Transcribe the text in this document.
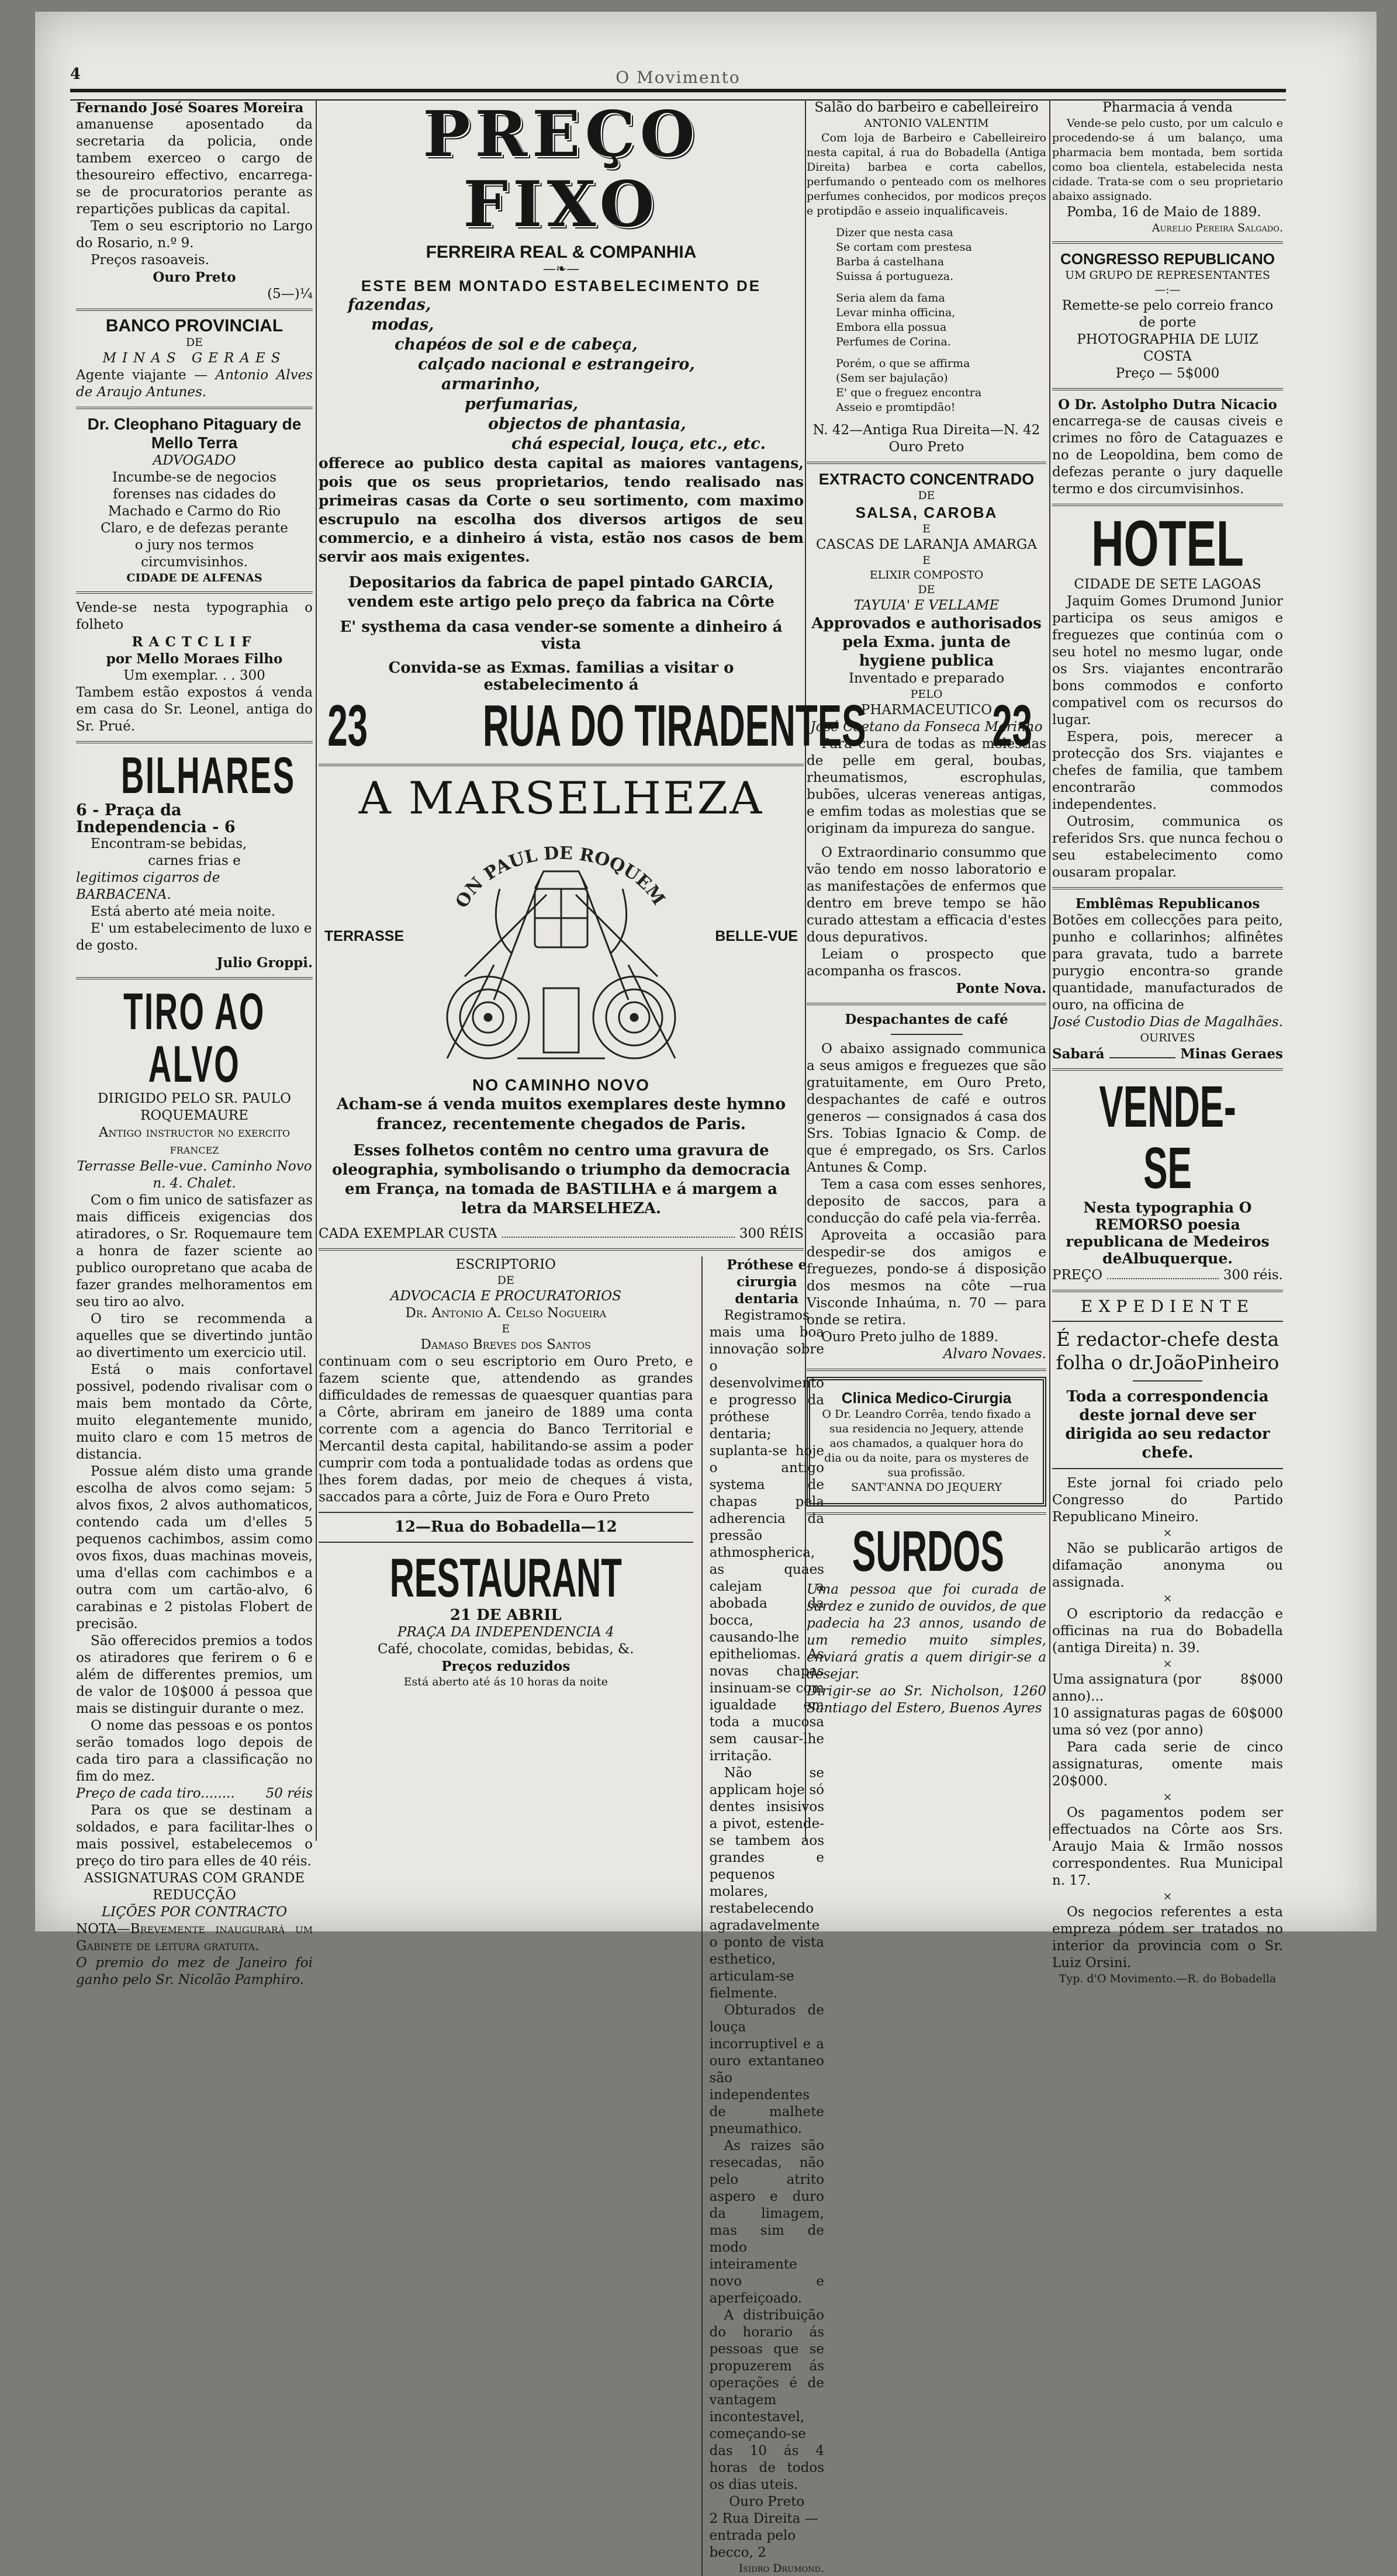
4	O Movimento

Fernando José Soares Moreira

amanuense aposentado da secretaria da policia, onde tambem exerceo o cargo de thesoureiro effectivo, encarrega-se de procuratorios perante as repartições publicas da capital.

Tem o seu escriptorio no Largo do Rosario, n.º 9.

Preços rasoaveis.

Ouro Preto

(5—)¼

BANCO PROVINCIAL

DE

MINAS GERAES

Agente viajante — Antonio Alves de Araujo Antunes.

Dr. Cleophano Pitaguary de Mello Terra

ADVOGADO

Incumbe-se de negocios forenses nas cidades do Machado e Carmo do Rio Claro, e de defezas perante o jury nos termos circumvisinhos.

CIDADE DE ALFENAS

Vende-se nesta typographia o folheto

RACTCLIF

por Mello Moraes Filho

Um exemplar. . . 300

Tambem estão expostos á venda em casa do Sr. Leonel, antiga do Sr. Prué.

BILHARES

6 - Praça da Independencia - 6

Encontram-se bebidas,

carnes frias e

legitimos cigarros de BARBACENA.

Está aberto até meia noite.

E' um estabelecimento de luxo e de gosto.

Julio Groppi.

TIRO AO ALVO

DIRIGIDO PELO SR. PAULO ROQUEMAURE

Antigo instructor no exercito francez

Terrasse Belle-vue. Caminho Novo n. 4. Chalet.

Com o fim unico de satisfazer as mais difficeis exigencias dos atiradores, o Sr. Roquemaure tem a honra de fazer sciente ao publico ouropretano que acaba de fazer grandes melhoramentos em seu tiro ao alvo.

O tiro se recommenda a aquelles que se divertindo juntão ao divertimento um exercicio util.

Está o mais confortavel possivel, podendo rivalisar com o mais bem montado da Côrte, muito elegantemente munido, muito claro e com 15 metros de distancia.

Possue além disto uma grande escolha de alvos como sejam: 5 alvos fixos, 2 alvos authomaticos, contendo cada um d'elles 5 pequenos cachimbos, assim como ovos fixos, duas machinas moveis, uma d'ellas com cachimbos e a outra com um cartão-alvo, 6 carabinas e 2 pistolas Flobert de precisão.

São offerecidos premios a todos os atiradores que ferirem o 6 e além de differentes premios, um de valor de 10$000 á pessoa que mais se distinguir durante o mez.

O nome das pessoas e os pontos serão tomados logo depois de cada tiro para a classificação no fim do mez.

Preço de cada tiro........ 50 réis

Para os que se destinam a soldados, e para facilitar-lhes o mais possivel, estabelecemos o preço do tiro para elles de 40 réis.

ASSIGNATURAS COM GRANDE REDUCÇÃO

LIÇÕES POR CONTRACTO

NOTA—Brevemente inaugurará um Gabinete de leitura gratuita.

O premio do mez de Janeiro foi ganho pelo Sr. Nicolão Pamphiro.

PREÇO FIXO
FERREIRA REAL & COMPANHIA
—❧—
ESTE BEM MONTADO ESTABELECIMENTO DE

fazendas,

modas,

chapéos de sol e de cabeça,

calçado nacional e estrangeiro,

armarinho,

perfumarias,

objectos de phantasia,

chá especial, louça, etc., etc.

offerece ao publico desta capital as maiores vantagens, pois que os seus proprietarios, tendo realisado nas primeiras casas da Corte o seu sortimento, com maximo escrupulo na escolha dos diversos artigos de seu commercio, e a dinheiro á vista, estão nos casos de bem servir aos mais exigentes.

Depositarios da fabrica de papel pintado GARCIA, vendem este artigo pelo preço da fabrica na Côrte

E' systhema da casa vender-se somente a dinheiro á vista

Convida-se as Exmas. familias a visitar o estabelecimento á

23 RUA DO TIRADENTES 23
A MARSELHEZA
ON PAUL DE ROQUEM
TERRASSE	BELLE-VUE
NO CAMINHO NOVO

Acham-se á venda muitos exemplares deste hymno francez, recentemente chegados de Paris.

Esses folhetos contêm no centro uma gravura de oleographia, symbolisando o triumpho da democracia em França, na tomada de BASTILHA e á margem a letra da MARSELHEZA.

CADA EXEMPLAR CUSTA	300 RÉIS

ESCRIPTORIO

DE

ADVOCACIA E PROCURATORIOS

Dr. Antonio A. Celso Nogueira

E

Damaso Breves dos Santos

continuam com o seu escriptorio em Ouro Preto, e fazem sciente que, attendendo as grandes difficuldades de remessas de quaesquer quantias para a Côrte, abriram em janeiro de 1889 uma conta corrente com a agencia do Banco Territorial e Mercantil desta capital, habilitando-se assim a poder cumprir com toda a pontualidade todas as ordens que lhes forem dadas, por meio de cheques á vista, saccados para a côrte, Juiz de Fora e Ouro Preto

12—Rua do Bobadella—12

RESTAURANT

21 DE ABRIL

PRAÇA DA INDEPENDENCIA 4

Café, chocolate, comidas, bebidas, &.

Preços reduzidos

Está aberto até ás 10 horas da noite

Próthese e cirurgia dentaria

Registramos mais uma boa innovação sobre o desenvolvimento e progresso da próthese dentaria; suplanta-se hoje o antigo systema de chapas pela adherencia da pressão athmospherica, as quaes calejam a abobada da bocca, causando-lhe epitheliomas. As novas chapas insinuam-se com igualdade em toda a mucosa sem causar-lhe irritação.

Não se applicam hoje só dentes insisivos a pivot, estende-se tambem aos grandes e pequenos molares, restabelecendo agradavelmente o ponto de vista esthetico, articulam-se fielmente.

Obturados de louça incorruptivel e a ouro extantaneo são independentes de malhete pneumathico.

As raizes são resecadas, não pelo atrito aspero e duro da limagem, mas sim de modo inteiramente novo e aperfeiçoado.

A distribuição do horario ás pessoas que se propuzerem ás operações é de vantagem incontestavel, começando-se das 10 ás 4 horas de todos os dias uteis.

Ouro Preto

2 Rua Direita — entrada pelo becco, 2

Isidro Drumond.

Salão do barbeiro e cabelleireiro

ANTONIO VALENTIM

Com loja de Barbeiro e Cabelleireiro nesta capital, á rua do Bobadella (Antiga Direita) barbea e corta cabellos, perfumando o penteado com os melhores perfumes conhecidos, por modicos preços e protipdão e asseio inqualificaveis.

Dizer que nesta casa

Se cortam com prestesa

Barba á castelhana

Suissa á portugueza.

Seria alem da fama

Levar minha officina,

Embora ella possua

Perfumes de Corina.

Porém, o que se affirma

(Sem ser bajulação)

E' que o freguez encontra

Asseio e promtipdão!

N. 42—Antiga Rua Direita—N. 42

Ouro Preto

EXTRACTO CONCENTRADO

DE

SALSA, CAROBA

E

CASCAS DE LARANJA AMARGA

E

ELIXIR COMPOSTO

DE

TAYUIA' E VELLAME

Approvados e authorisados pela Exma. junta de hygiene publica

Inventado e preparado

PELO

PHARMACEUTICO

José Caetano da Fonseca Marinho

Para cura de todas as molestias de pelle em geral, boubas, rheumatismos, escrophulas, bubões, ulceras venereas antigas, e emfim todas as molestias que se originam da impureza do sangue.

O Extraordinario consummo que vão tendo em nosso laboratorio e as manifestações de enfermos que dentro em breve tempo se hão curado attestam a efficacia d'estes dous depurativos.

Leiam o prospecto que acompanha os frascos.

Ponte Nova.

Despachantes de café

O abaixo assignado communica a seus amigos e freguezes que são gratuitamente, em Ouro Preto, despachantes de café e outros generos — consignados á casa dos Srs. Tobias Ignacio & Comp. de que é empregado, os Srs. Carlos Antunes & Comp.

Tem a casa com esses senhores, deposito de saccos, para a conducção do café pela via-ferrêa.

Aproveita a occasião para despedir-se dos amigos e freguezes, pondo-se á disposição dos mesmos na côte —rua Visconde Inhaúma, n. 70 — para onde se retira.

Ouro Preto julho de 1889.

Alvaro Novaes.

Clinica Medico-Cirurgia

O Dr. Leandro Corrêa, tendo fixado a sua residencia no Jequery, attende aos chamados, a qualquer hora do dia ou da noite, para os mysteres de sua profissão.

SANT'ANNA DO JEQUERY

SURDOS

Uma pessoa que foi curada de surdez e zunido de ouvidos, de que padecia ha 23 annos, usando de um remedio muito simples, enviará gratis a quem dirigir-se a desejar.

Dirigir-se ao Sr. Nicholson, 1260 Santiago del Estero, Buenos Ayres

Pharmacia á venda

Vende-se pelo custo, por um calculo e procedendo-se á um balanço, uma pharmacia bem montada, bem sortida como boa clientela, estabelecida nesta cidade. Trata-se com o seu proprietario abaixo assignado.

Pomba, 16 de Maio de 1889.

Aurelio Pereira Salgado.

CONGRESSO REPUBLICANO

UM GRUPO DE REPRESENTANTES

—:—

Remette-se pelo correio franco de porte

PHOTOGRAPHIA DE LUIZ COSTA

Preço — 5$000

O Dr. Astolpho Dutra Nicacio

encarrega-se de causas civeis e crimes no fôro de Cataguazes e no de Leopoldina, bem como de defezas perante o jury daquelle termo e dos circumvisinhos.

HOTEL

CIDADE DE SETE LAGOAS

Jaquim Gomes Drumond Junior participa os seus amigos e freguezes que continúa com o seu hotel no mesmo lugar, onde os Srs. viajantes encontrarão bons commodos e conforto compativel com os recursos do lugar.

Espera, pois, merecer a protecção dos Srs. viajantes e chefes de familia, que tambem encontrarão commodos independentes.

Outrosim, communica os referidos Srs. que nunca fechou o seu estabelecimento como ousaram propalar.

Emblêmas Republicanos

Botões em collecções para peito, punho e collarinhos; alfinêtes para gravata, tudo a barrete purygio encontra-so grande quantidade, manufacturados de ouro, na officina de

José Custodio Dias de Magalhães.

OURIVES

Sabará	Minas Geraes

VENDE-SE

Nesta typographia O REMORSO poesia republicana de Medeiros deAlbuquerque.

PREÇO	300 réis.

EXPEDIENTE

É redactor-chefe desta folha o dr.JoãoPinheiro

Toda a correspondencia deste jornal deve ser dirigida ao seu redactor chefe.

Este jornal foi criado pelo Congresso do Partido Republicano Mineiro.

×

Não se publicarão artigos de difamação anonyma ou assignada.

×

O escriptorio da redacção e officinas na rua do Bobadella (antiga Direita) n. 39.

×

Uma assignatura (por anno)...
8$000

10 assignaturas pagas de uma só vez (por anno)
60$000

Para cada serie de cinco assignaturas, omente mais 20$000.

×

Os pagamentos podem ser effectuados na Côrte aos Srs. Araujo Maia & Irmão nossos correspondentes. Rua Municipal n. 17.

×

Os negocios referentes a esta empreza pódem ser tratados no interior da provincia com o Sr. Luiz Orsini.

Typ. d'O Movimento.—R. do Bobadella
